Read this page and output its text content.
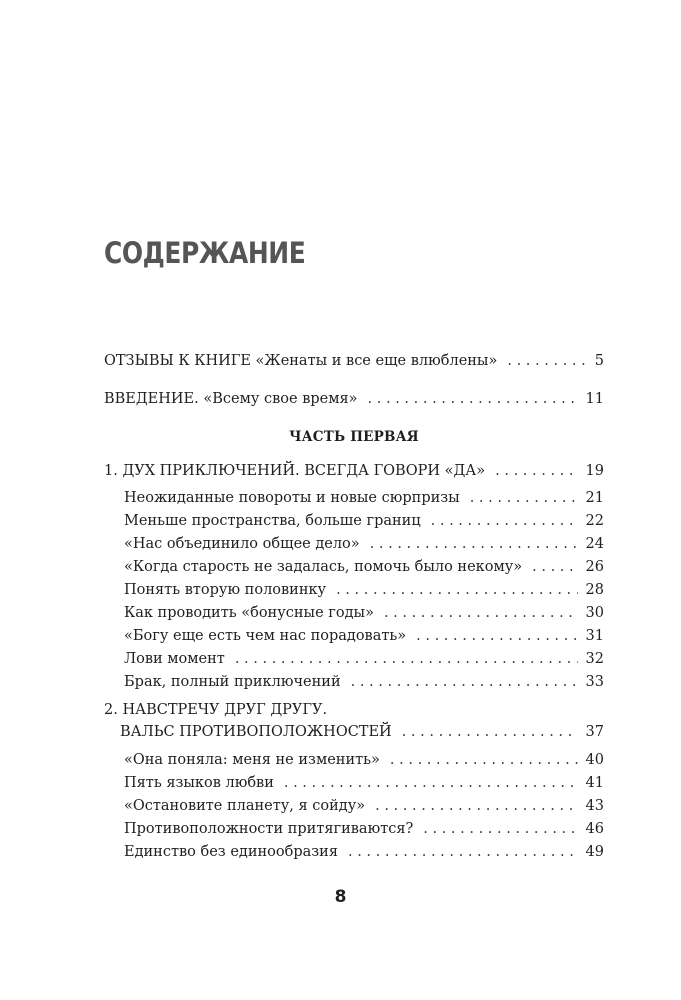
СОДЕРЖАНИЕ
ОТЗЫВЫ К КНИГЕ «Женаты и все еще влюблены» . . .	5
ВВЕДЕНИЕ. «Всему свое время» . . .	11
1. ДУХ ПРИКЛЮЧЕНИЙ. ВСЕГДА ГОВОРИ «ДА» . . .	19
Неожиданные повороты и новые сюрпризы . . .	21
Меньше пространства, больше границ . . .	22
«Нас объединило общее дело» . . .	24
«Когда старость не задалась, помочь было некому» . . .	26
Понять вторую половинку . . .	28
Как проводить «бонусные годы» . . .	30
«Богу еще есть чем нас порадовать» . . .	31
Лови момент . . .	32
Брак, полный приключений . . .	33
2. НАВСТРЕЧУ ДРУГ ДРУГУ.
ВАЛЬС ПРОТИВОПОЛОЖНОСТЕЙ . . .	37
«Она поняла: меня не изменить» . . .	40
Пять языков любви . . .	41
«Остановите планету, я сойду» . . .	43
Противоположности притягиваются? . . .	46
Единство без единообразия . . .	49
ЧАСТЬ ПЕРВАЯ
8
